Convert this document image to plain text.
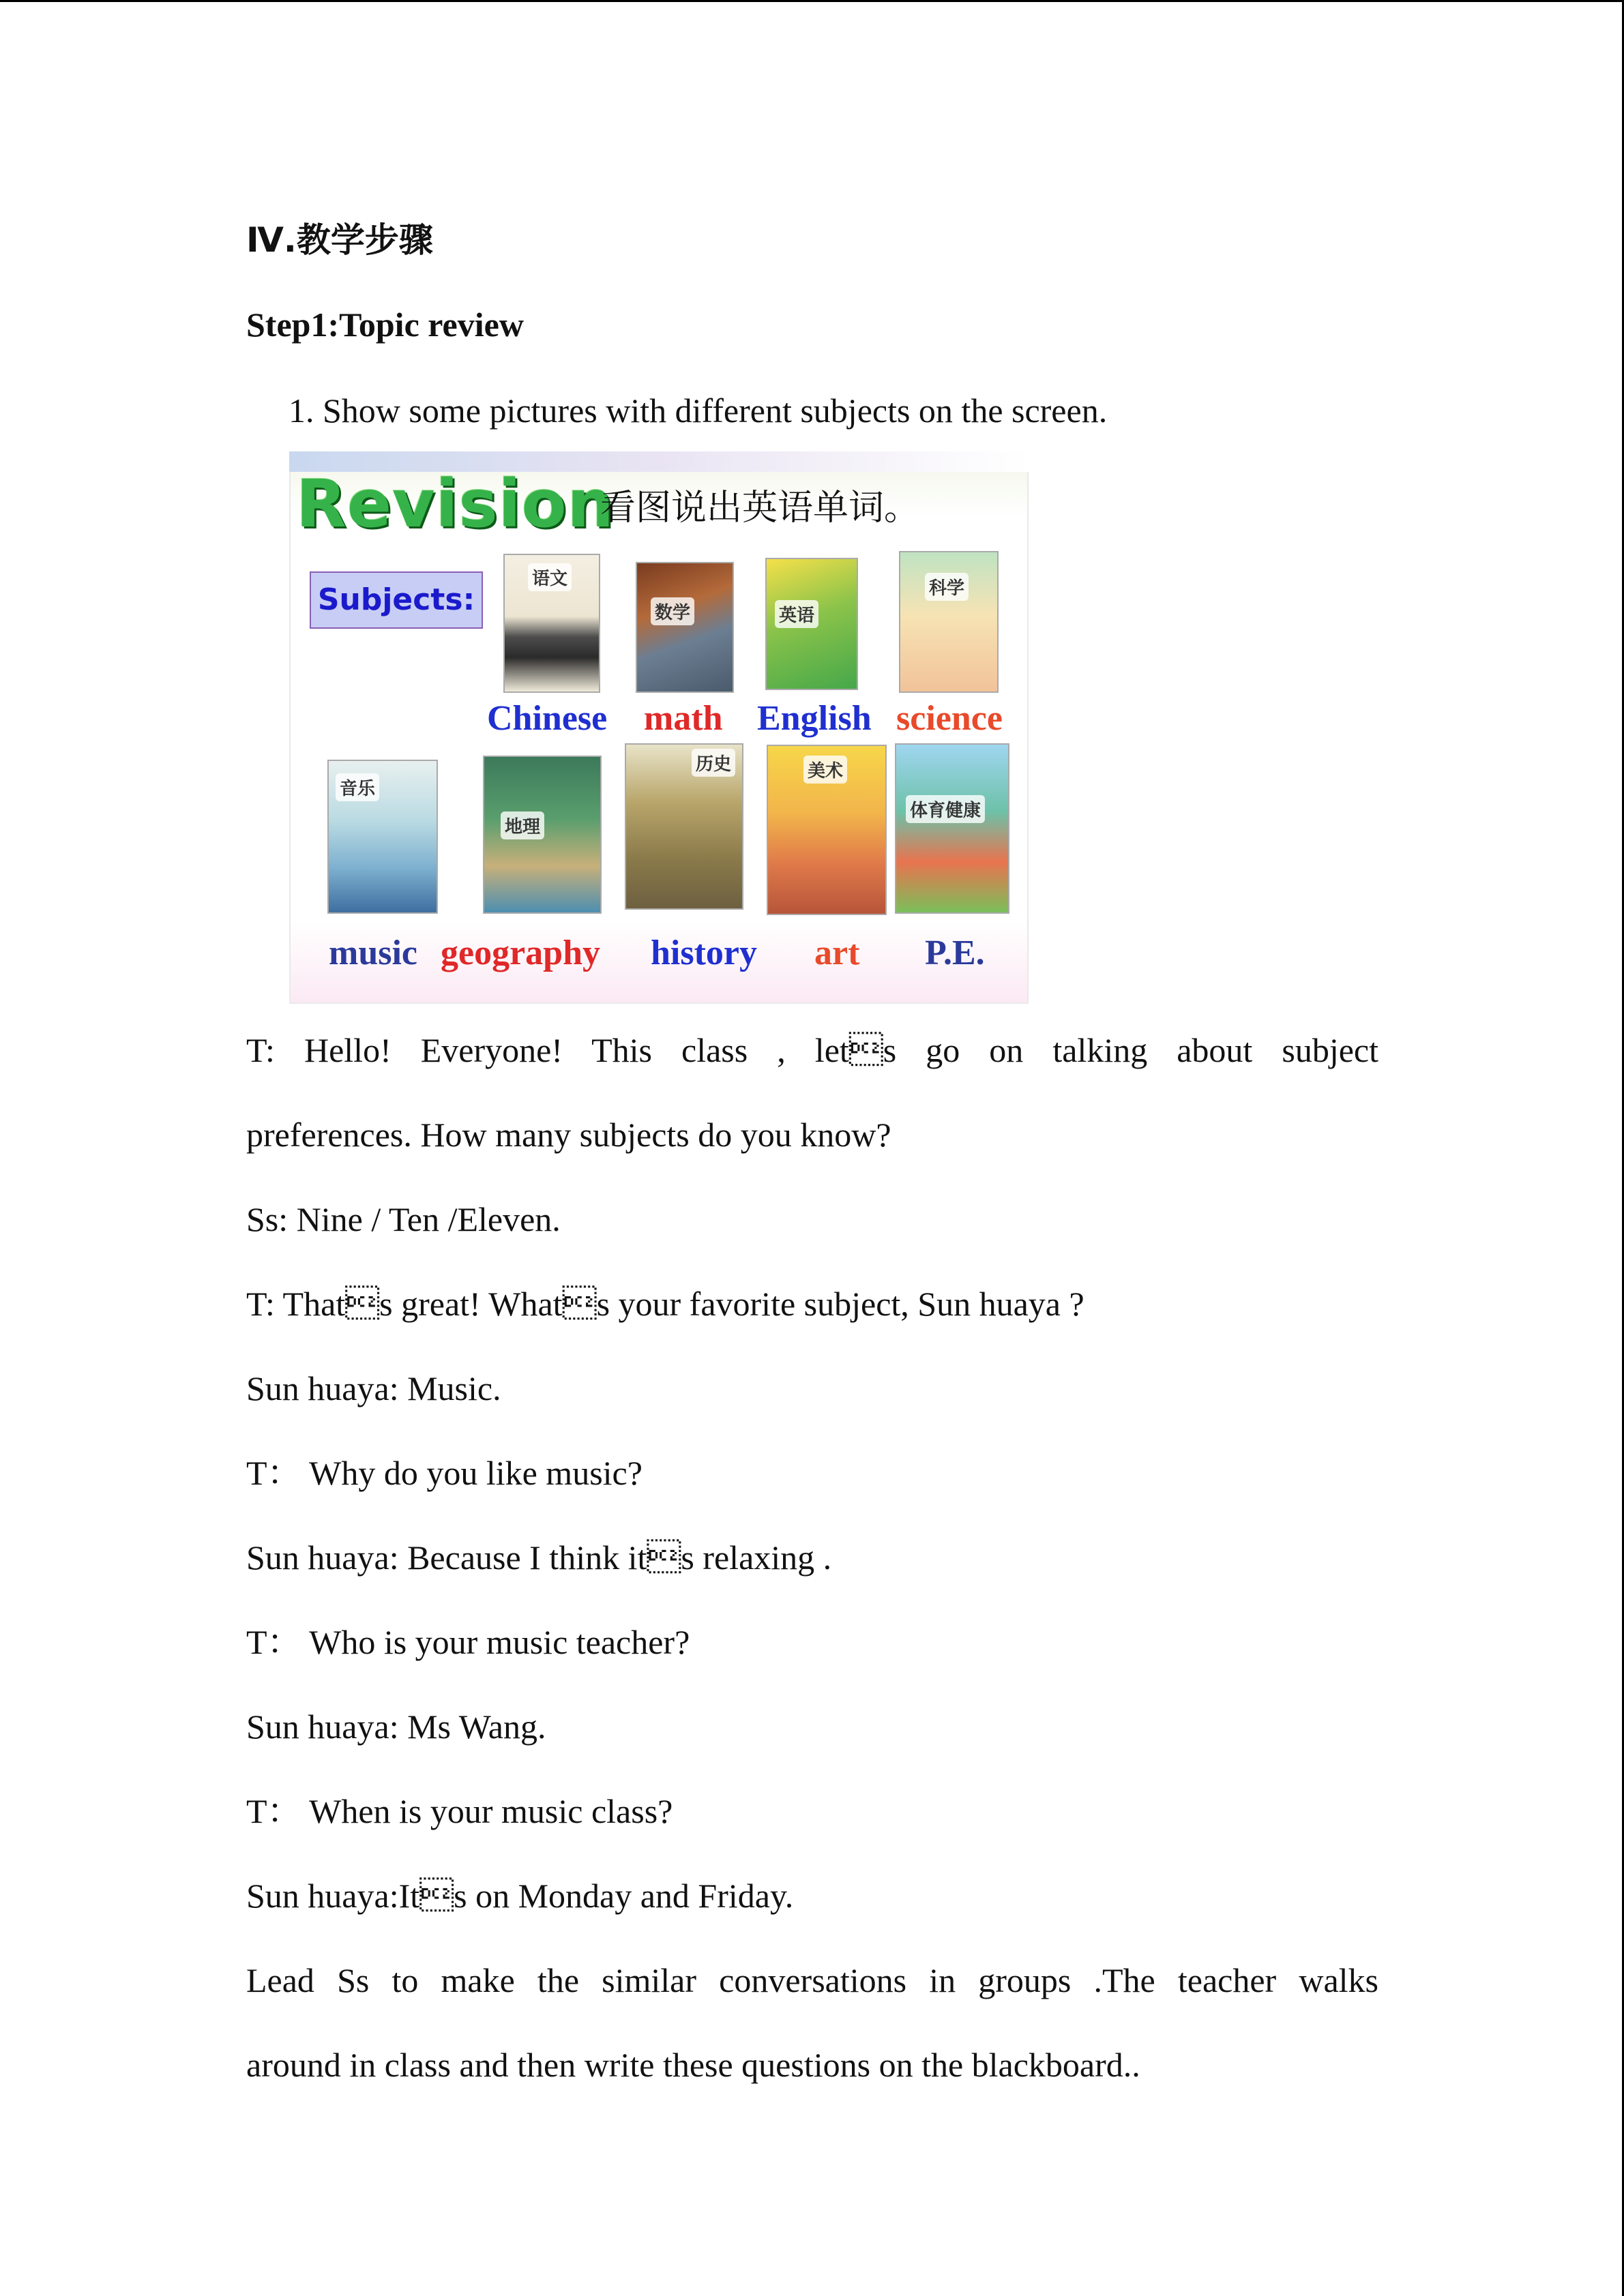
Ⅳ.教学步骤
Step1:Topic review
1. Show some pictures with different subjects on the screen.
Revision
看图说出英语单词。
Subjects:
语文
数学	英语
科学
Chinese math English science
音乐
地理
历史	美术
体育健康
music geography history art P.E.
T: Hello! Everyone! This class , lets go on talking about subject
preferences. How many subjects do you know?
Ss: Nine / Ten /Eleven.
T: Thats great! Whats your favorite subject, Sun huaya ?
Sun huaya: Music.
T： Why do you like music?
Sun huaya: Because I think its relaxing .
T： Who is your music teacher?
Sun huaya: Ms Wang.
T： When is your music class?
Sun huaya:Its on Monday and Friday.
Lead Ss to make the similar conversations in groups .The teacher walks
around in class and then write these questions on the blackboard..
